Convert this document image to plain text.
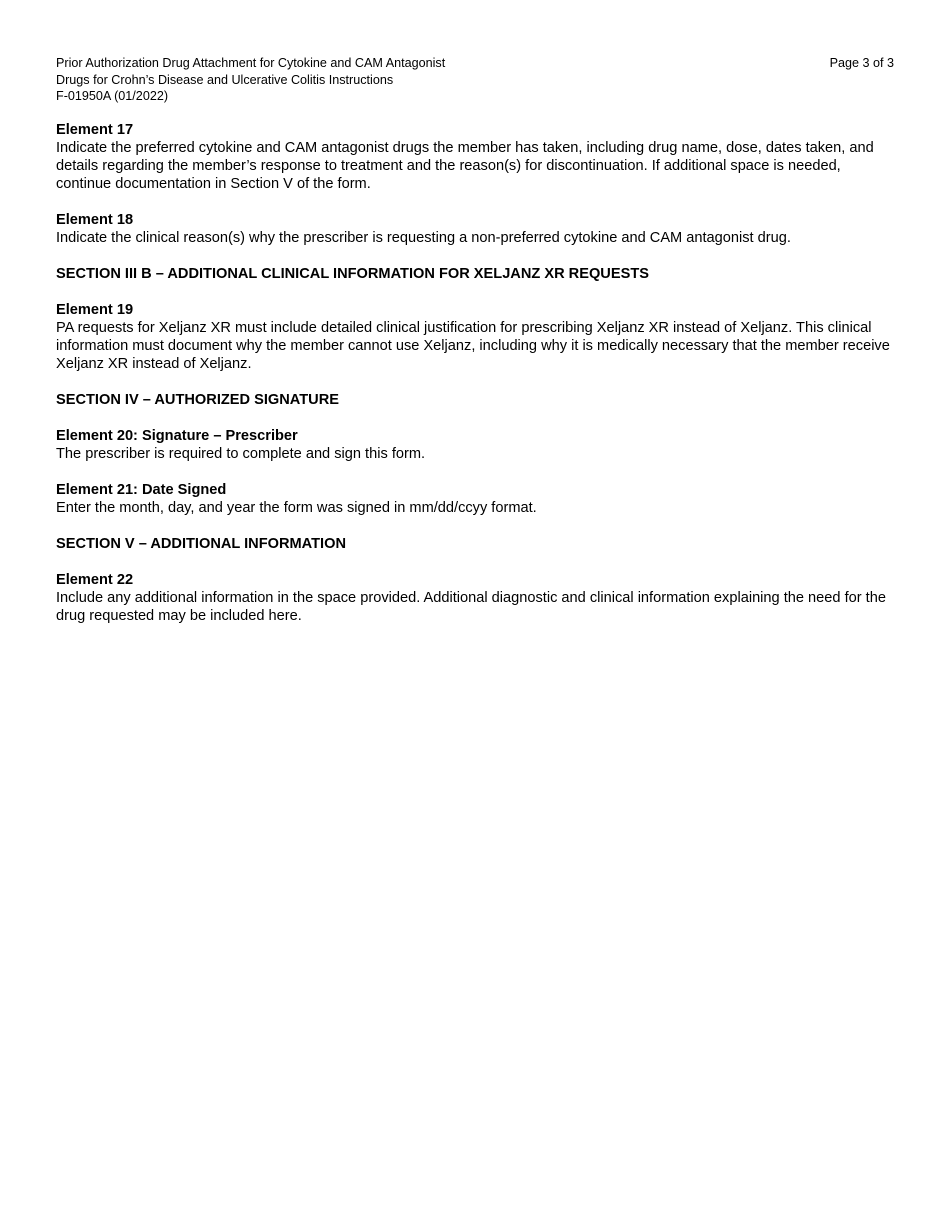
Prior Authorization Drug Attachment for Cytokine and CAM Antagonist
Drugs for Crohn’s Disease and Ulcerative Colitis Instructions
F-01950A (01/2022)
Page 3 of 3
Element 17
Indicate the preferred cytokine and CAM antagonist drugs the member has taken, including drug name, dose, dates taken, and details regarding the member’s response to treatment and the reason(s) for discontinuation. If additional space is needed, continue documentation in Section V of the form.
Element 18
Indicate the clinical reason(s) why the prescriber is requesting a non-preferred cytokine and CAM antagonist drug.
SECTION III B – ADDITIONAL CLINICAL INFORMATION FOR XELJANZ XR REQUESTS
Element 19
PA requests for Xeljanz XR must include detailed clinical justification for prescribing Xeljanz XR instead of Xeljanz. This clinical information must document why the member cannot use Xeljanz, including why it is medically necessary that the member receive Xeljanz XR instead of Xeljanz.
SECTION IV – AUTHORIZED SIGNATURE
Element 20: Signature – Prescriber
The prescriber is required to complete and sign this form.
Element 21: Date Signed
Enter the month, day, and year the form was signed in mm/dd/ccyy format.
SECTION V – ADDITIONAL INFORMATION
Element 22
Include any additional information in the space provided. Additional diagnostic and clinical information explaining the need for the drug requested may be included here.
